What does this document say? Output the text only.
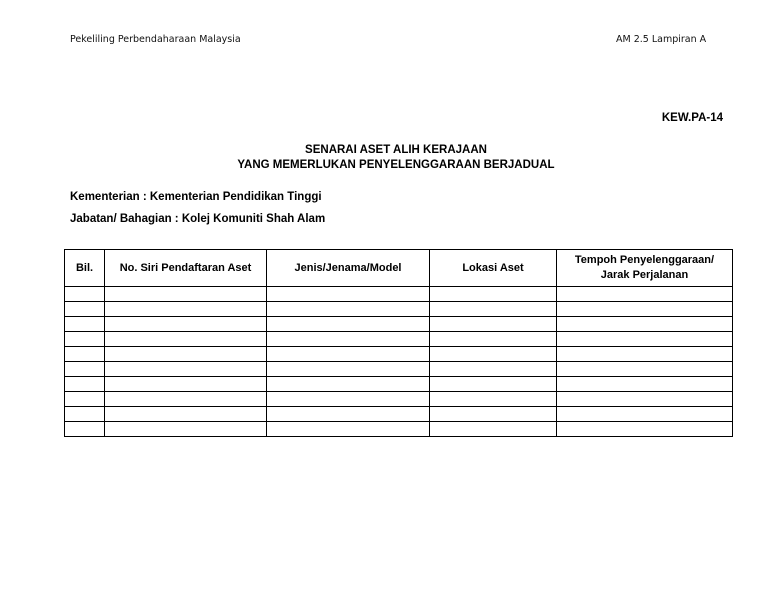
Pekeliling Perbendaharaan Malaysia	AM 2.5 Lampiran A
KEW.PA-14
SENARAI ASET ALIH KERAJAAN
YANG MEMERLUKAN PENYELENGGARAAN BERJADUAL
Kementerian : Kementerian Pendidikan Tinggi
Jabatan/ Bahagian : Kolej Komuniti Shah Alam
Bil.	No. Siri Pendaftaran Aset	Jenis/Jenama/Model	Lokasi Aset	Tempoh Penyelenggaraan/
Jarak Perjalanan
